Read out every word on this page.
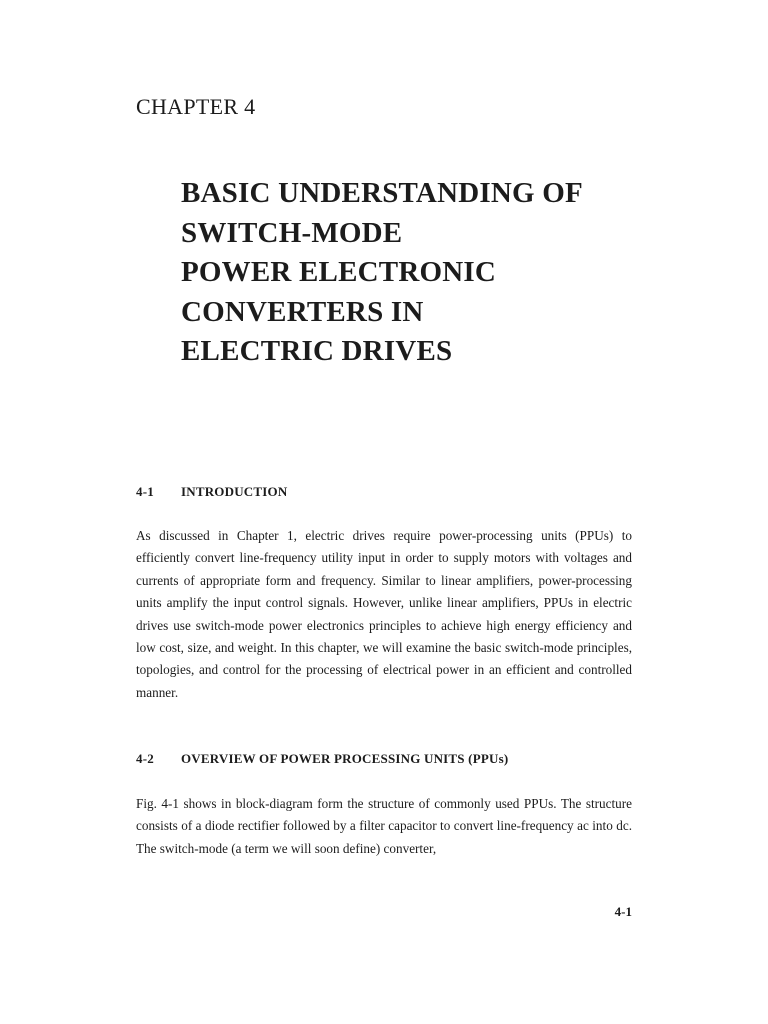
CHAPTER 4
BASIC UNDERSTANDING OF
SWITCH-MODE
POWER ELECTRONIC
CONVERTERS IN
ELECTRIC DRIVES
4-1 INTRODUCTION

As discussed in Chapter 1, electric drives require power-processing units (PPUs) to efficiently convert line-frequency utility input in order to supply motors with voltages and currents of appropriate form and frequency. Similar to linear amplifiers, power-processing units amplify the input control signals. However, unlike linear amplifiers, PPUs in electric drives use switch-mode power electronics principles to achieve high energy efficiency and low cost, size, and weight. In this chapter, we will examine the basic switch-mode principles, topologies, and control for the processing of electrical power in an efficient and controlled manner.

4-2 OVERVIEW OF POWER PROCESSING UNITS (PPUs)

Fig. 4-1 shows in block-diagram form the structure of commonly used PPUs. The structure consists of a diode rectifier followed by a filter capacitor to convert line-frequency ac into dc. The switch-mode (a term we will soon define) converter,

4-1
